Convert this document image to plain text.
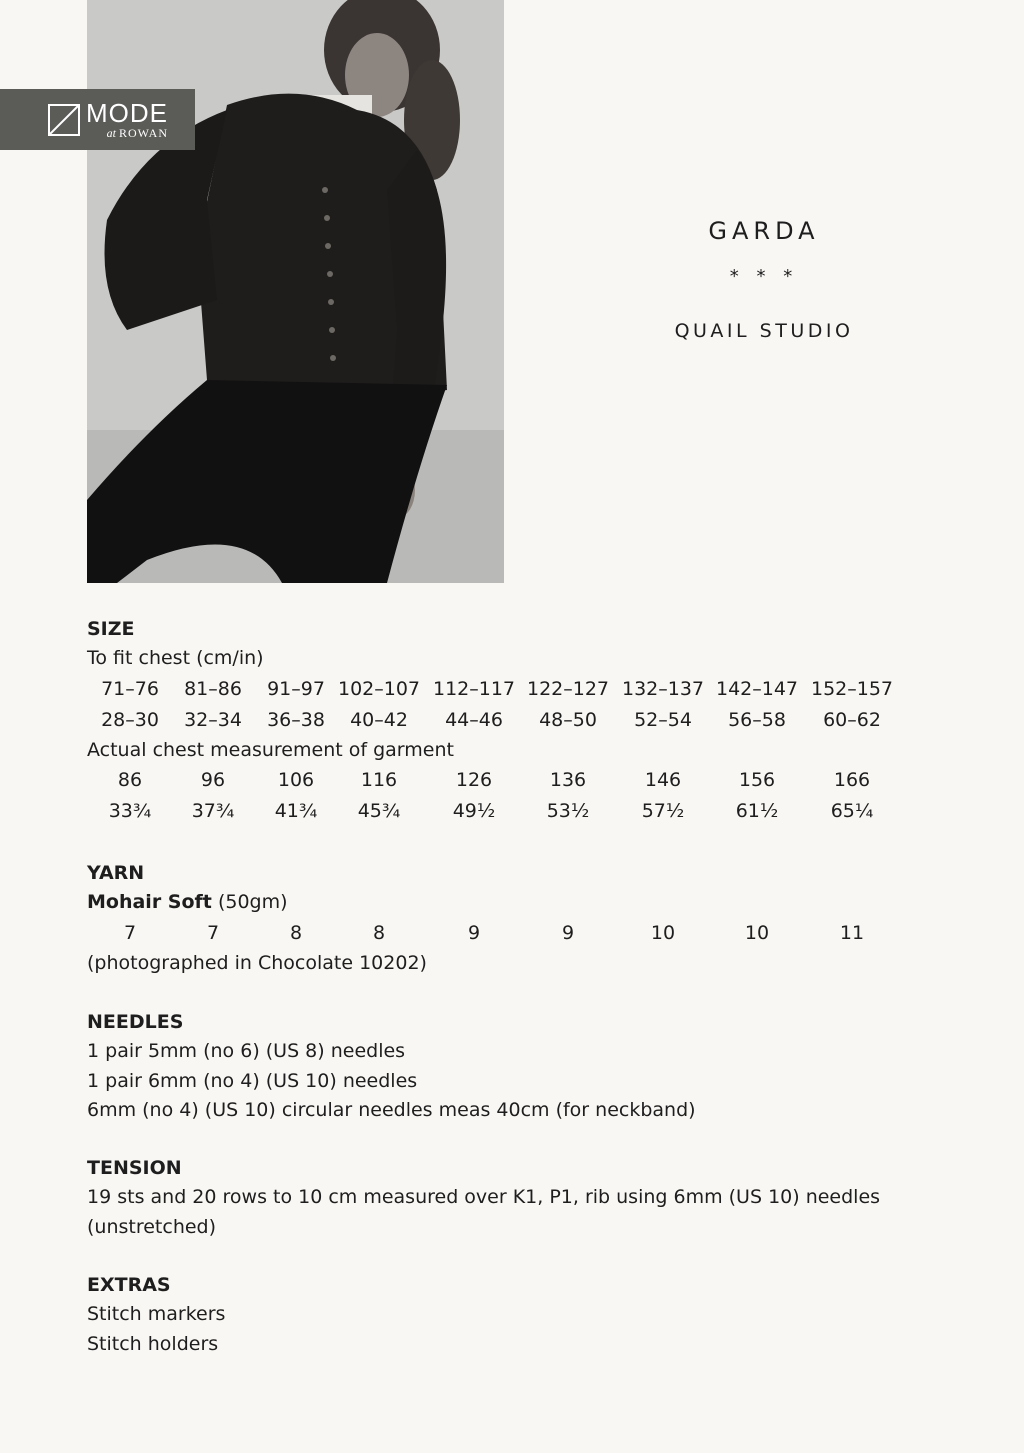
MODE
at ROWAN
GARDA
* * *
QUAIL STUDIO
SIZE
To fit chest (cm/in)
71–76 81–86 91–97 102–107 112–117 122–127 132–137 142–147 152–157
28–30 32–34 36–38 40–42 44–46 48–50 52–54 56–58 60–62
Actual chest measurement of garment
86	96	106 116	126	136	146	156	166
33¾ 37¾ 41¾ 45¾	49½	53½	57½	61½	65¼
YARN
Mohair Soft (50gm)
7	7	8	8	9	9	10	10	11
(photographed in Chocolate 10202)
NEEDLES
1 pair 5mm (no 6) (US 8) needles
1 pair 6mm (no 4) (US 10) needles
6mm (no 4) (US 10) circular needles meas 40cm (for neckband)
TENSION
19 sts and 20 rows to 10 cm measured over K1, P1, rib using 6mm (US 10) needles
(unstretched)
EXTRAS
Stitch markers
Stitch holders
